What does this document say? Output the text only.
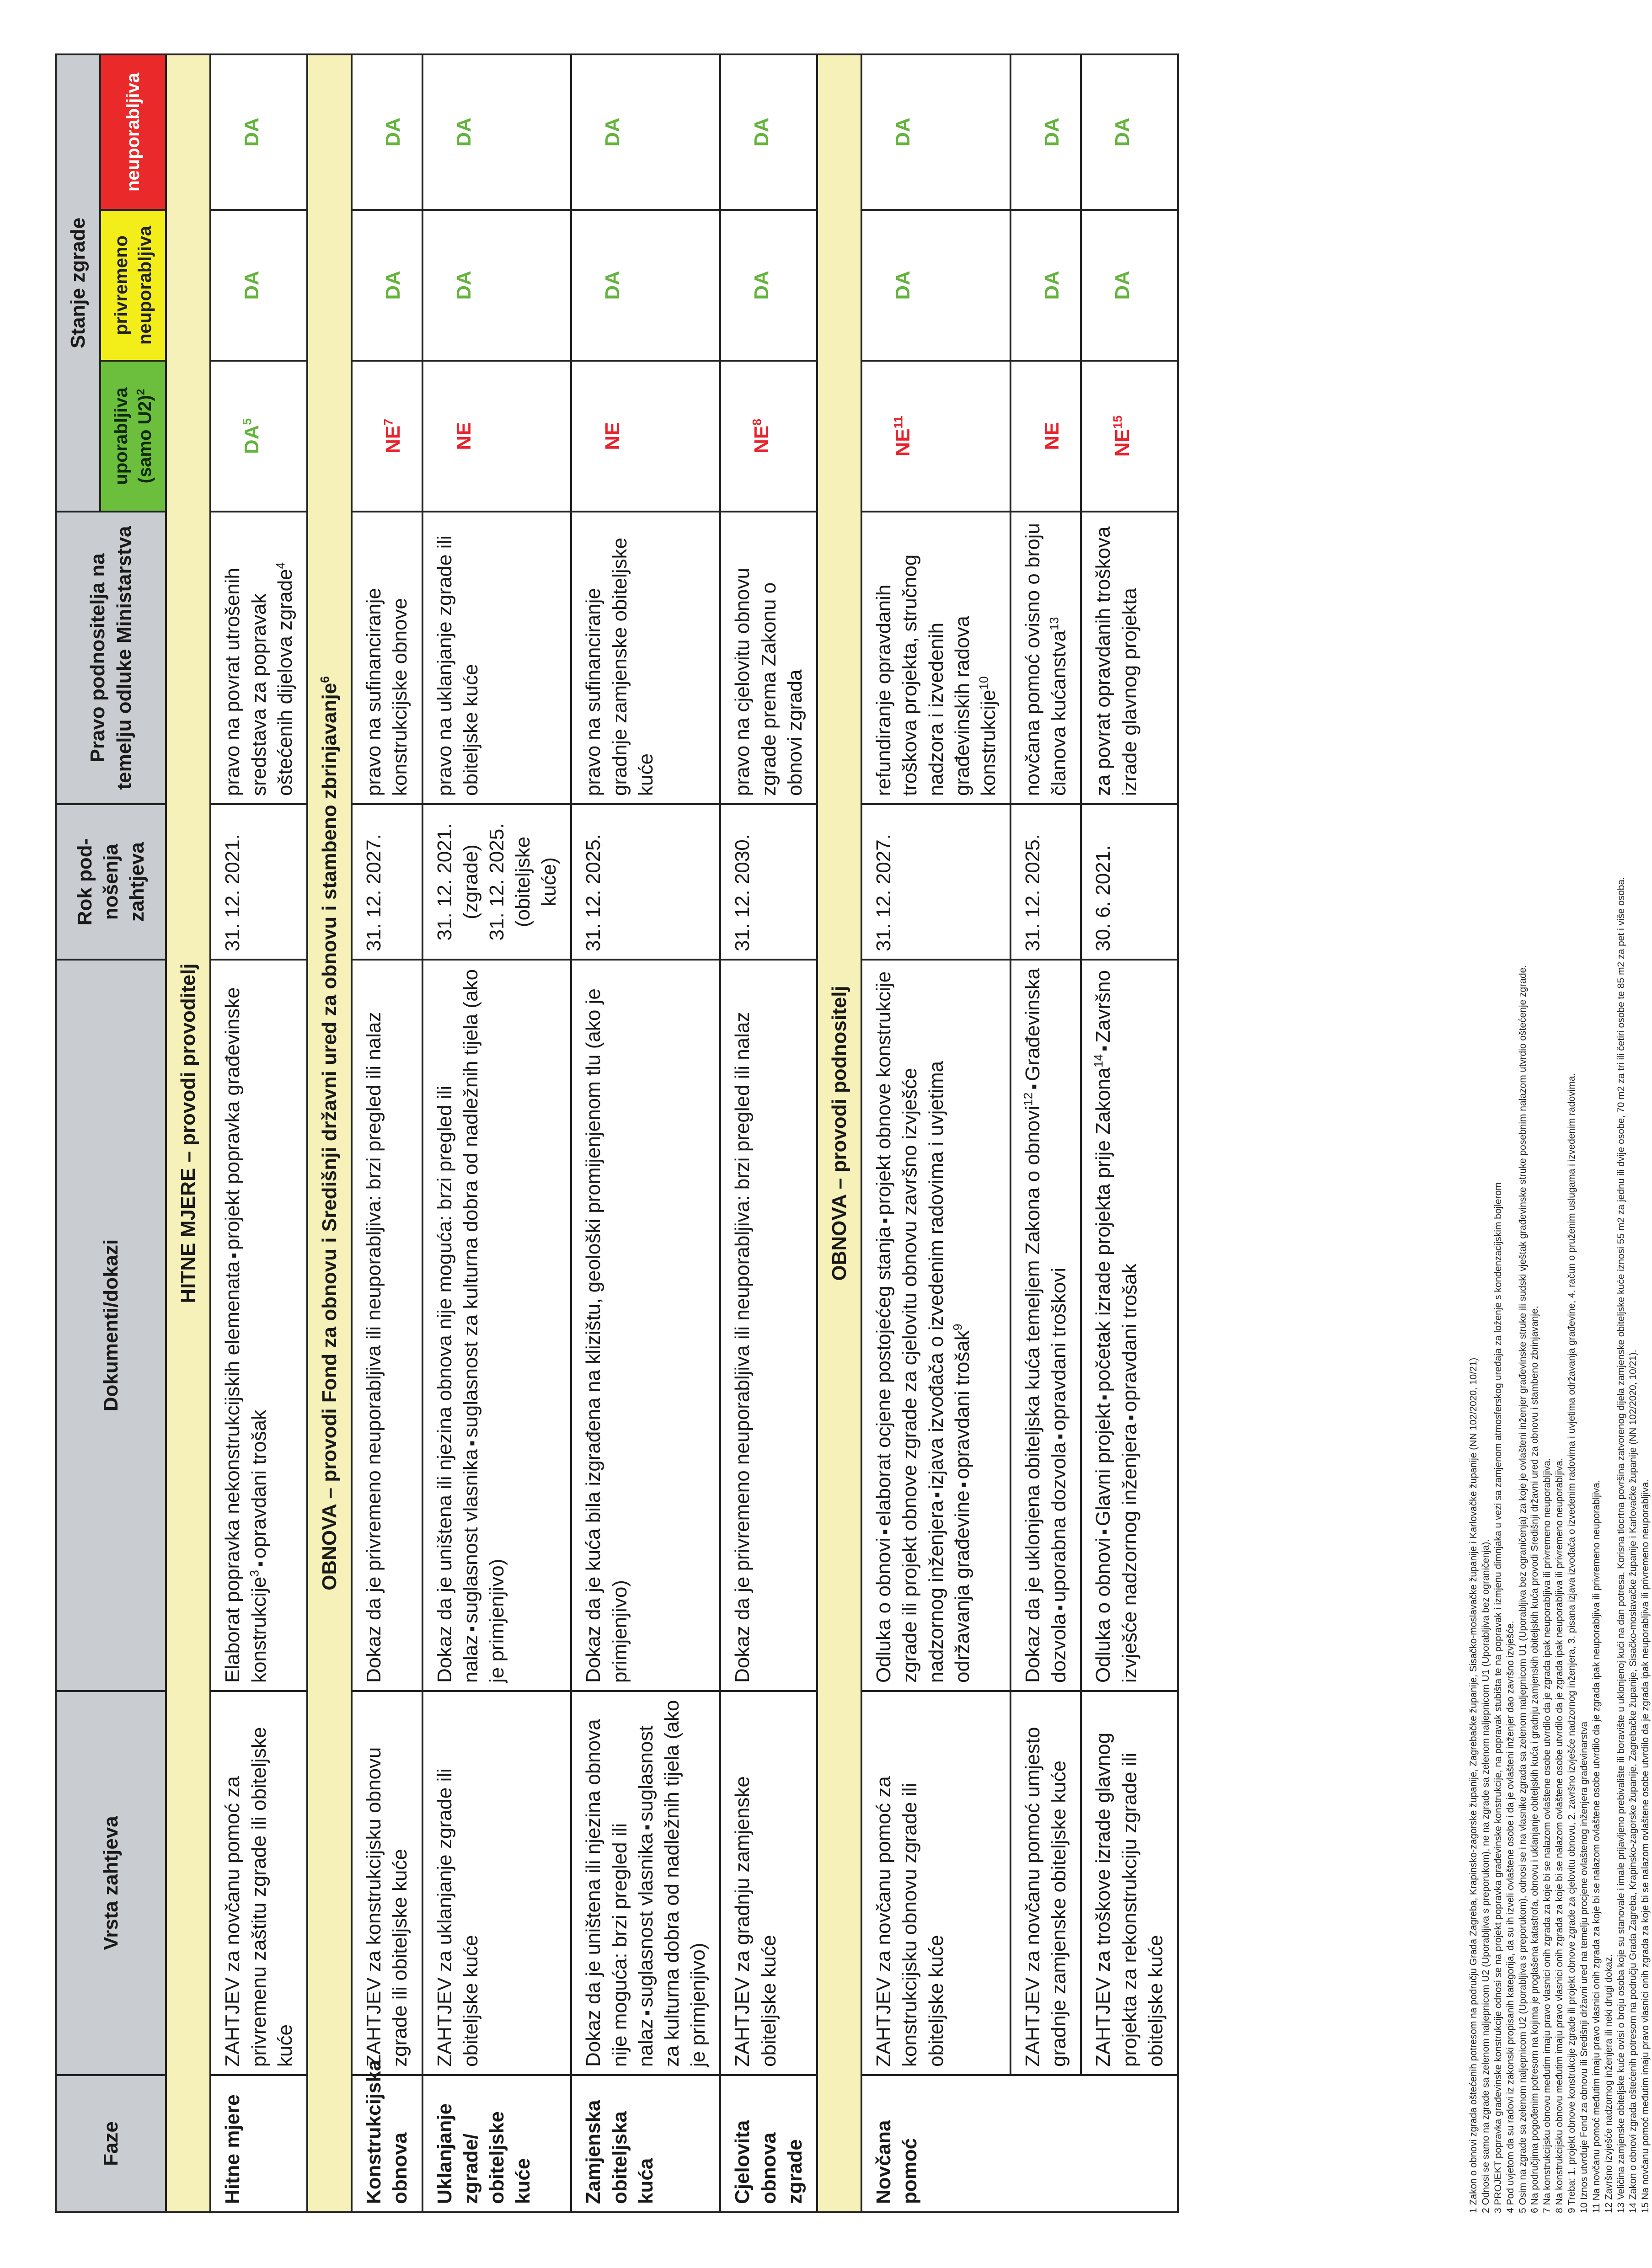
Faze	Vrsta zahtjeva	Dokumenti/dokazi	Rok pod-
nošenja
zahtjeva	Pravo podnositelja na temelju odluke Ministarstva	Stanje zgrade		
					uporabljiva (samo U2)$^2$	privremeno neuporabljiva	neuporabljiva
HITNE MJERE – provodi provoditelj							
Hitne mjere	ZAHTJEV za novčanu pomoć za privremenu zaštitu zgrade ili obiteljske kuće	Elaborat popravka nekonstrukcijskih elemenata▪projekt popravka građevinske konstrukcije$^3$▪opravdani trošak	31. 12. 2021.	pravo na povrat utrošenih sredstava za popravak oštećenih dijelova zgrade$^4$	$DA^5$	DA	DA
OBNOVA – provodi Fond za obnovu i Središnji državni ured za obnovu i stambeno zbrinjavanje$^6$
Konstrukcijska obnova	ZAHTJEV za konstrukcijsku obnovu zgrade ili obiteljske kuće	Dokaz da je privremeno neuporabljiva ili neuporabljiva: brzi pregled ili nalaz	31. 12. 2027.	pravo na sufinanciranje konstrukcijske obnove	$NE^7$	DA	DA
Uklanjanje zgrade/ obiteljske kuće	ZAHTJEV za uklanjanje zgrade ili obiteljske kuće	Dokaz da je uništena ili njezina obnova nije moguća: brzi pregled ili nalaz▪suglasnost vlasnika▪suglasnost za kulturna dobra od nadležnih tijela (ako je primjenjivo)	31. 12. 2021. (zgrade) 31. 12. 2025. (obiteljske kuće)	pravo na uklanjanje zgrade ili obiteljske kuće	NE	DA	DA
Zamjenska obiteljska kuća	Dokaz da je uništena ili njezina obnova nije moguća: brzi pregled ili nalaz▪suglasnost vlasnika▪suglasnost za kulturna dobra od nadležnih tijela (ako je primjenjivo)	Dokaz da je kuća bila izgrađena na klizištu, geološki promijenjenom tlu (ako je primjenjivo)	31. 12. 2025.	pravo na sufinanciranje gradnje zamjenske obiteljske kuće	NE	DA	DA
Cjelovita obnova zgrade	ZAHTJEV za gradnju zamjenske obiteljske kuće	Dokaz da je privremeno neuporabljiva ili neuporabljiva: brzi pregled ili nalaz	31. 12. 2030.	pravo na cjelovitu obnovu zgrade prema Zakonu o obnovi zgrada	$NE^8$	DA	DA
OBNOVA – provodi podnositelj							
Novčana pomoć	ZAHTJEV za novčanu pomoć za konstrukcijsku obnovu zgrade ili obiteljske kuće	Odluka o obnovi▪elaborat ocjene postojećeg stanja▪projekt obnove konstrukcije zgrade ili projekt obnove zgrade za cjelovitu obnovu završno izvješće nadzornog inženjera▪izjava izvođača o izvedenim radovima i uvjetima održavanja građevine▪opravdani trošak$^9$	31. 12. 2027.	refundiranje opravdanih troškova projekta, stručnog nadzora i izvedenih građevinskih radova konstrukcije$^{10}$	NE$^{11}$	DA	DA
	ZAHTJEV za novčanu pomoć umjesto gradnje zamjenske obiteljske kuće	Dokaz da je uklonjena obiteljska kuća temeljem Zakona o obnovi$^{12}$▪Građevinska dozvola▪uporabna dozvola▪opravdani troškovi	31. 12. 2025.	novčana pomoć ovisno o broju članova kućanstva$^{13}$	NE	DA	DA
	ZAHTJEV za troškove izrade glavnog projekta za rekonstrukciju zgrade ili obiteljske kuće	Odluka o obnovi▪Glavni projekt▪početak izrade projekta prije Zakona$^{14}$▪Završno izvješće nadzornog inženjera▪opravdani trošak	30. 6. 2021.	za povrat opravdanih troškova izrade glavnog projekta	NE$^{15}$	DA	DA
1 Zakon o obnovi zgrada oštećenih potresom na području Grada Zagreba, Krapinsko-zagorske županije, Zagrebačke županije, Sisačko-moslavačke županije i Karlovačke županije (NN 102/2020, 10/21) 2 Odnosi se samo na zgrade sa zelenom naljepnicom U2 (Uporabljiva s preporukom), ne na zgrade sa zelenom naljepnicom U1 (Uporabljiva bez ograničenja). 3 PROJEKT popravka građevinske konstrukcije odnosi se na projekt popravka građevinske konstrukcije, na popravak stubišta te na popravak i izmjenu dimnjaka u vezi sa zamjenom atmosferskog uređaja za loženje s kondenzacijskim bojlerom 4 Pod uvjetom da su radovi iz zakonski propisanih kategorija, da su ih izveli ovlaštene osobe i da je ovlašteni inženjer dao završno izvješće. 5 Osim na zgrade sa zelenom naljepnicom U2 (Uporabljiva s preporukom), odnosi se i na vlasnike zgrada sa zelenom naljepnicom U1 (Uporabljiva bez ograničenja) za koje je ovlašteni inženjer građevinske struke ili sudski vještak građevinske struke posebnim nalazom utvrdio oštećenje zgrade. 6 Na područjima pogođenim potresom na kojima je proglašena katastrofa, obnovu i uklanjanje obiteljskih kuća i gradnju zamjenskih obiteljskih kuća provodi Središnji državni ured za obnovu i stambeno zbrinjavanje. 7 Na konstrukcijsku obnovu međutim imaju pravo vlasnici onih zgrada za koje bi se nalazom ovlaštene osobe utvrdilo da je zgrada ipak neuporabljiva ili privremeno neuporabljiva. 8 Na konstrukcijsku obnovu međutim imaju pravo vlasnici onih zgrada za koje bi se nalazom ovlaštene osobe utvrdilo da je zgrada ipak neuporabljiva ili privremeno neuporabljiva. 9 Treba: 1. projekt obnove konstrukcije zgrade ili projekt obnove zgrade za cjelovitu obnovu, 2. završno izvješće nadzornog inženjera, 3. pisana izjava izvođača o izvedenim radovima i uvjetima održavanja građevine, 4. račun o pruženim uslugama i izvedenim radovima. 10 Iznos utvrđuje Fond za obnovu ili Središnji državni ured na temelju procjene ovlaštenog inženjera građevinarstva 11 Na novčanu pomoć međutim imaju pravo vlasnici onih zgrada za koje bi se nalazom ovlaštene osobe utvrdilo da je zgrada ipak neuporabljiva ili privremeno neuporabljiva. 12 Završno izvješće nadzornog inženjera ili neki drugi dokaz. 13 Veličina zamjenske obiteljske kuće ovisi o broju osoba koje su stanovale i imale prijavljeno prebivalište ili boravište u uklonjenoj kući na dan potresa. Korisna tlocrtna površina zatvorenog dijela zamjenske obiteljske kuće iznosi 55 m2 za jednu ili dvije osobe, 70 m2 za tri ili četiri osobe te 85 m2 za pet i više osoba. 14 Zakon o obnovi zgrada oštećenih potresom na području Grada Zagreba, Krapinsko-zagorske županije, Zagrebačke županije, Sisačko-moslavačke županije i Karlovačke županije (NN 102/2020, 10/21). 15 Na novčanu pomoć međutim imaju pravo vlasnici onih zgrada za koje bi se nalazom ovlaštene osobe utvrdilo da je zgrada ipak neuporabljiva ili privremeno neuporabljiva.
